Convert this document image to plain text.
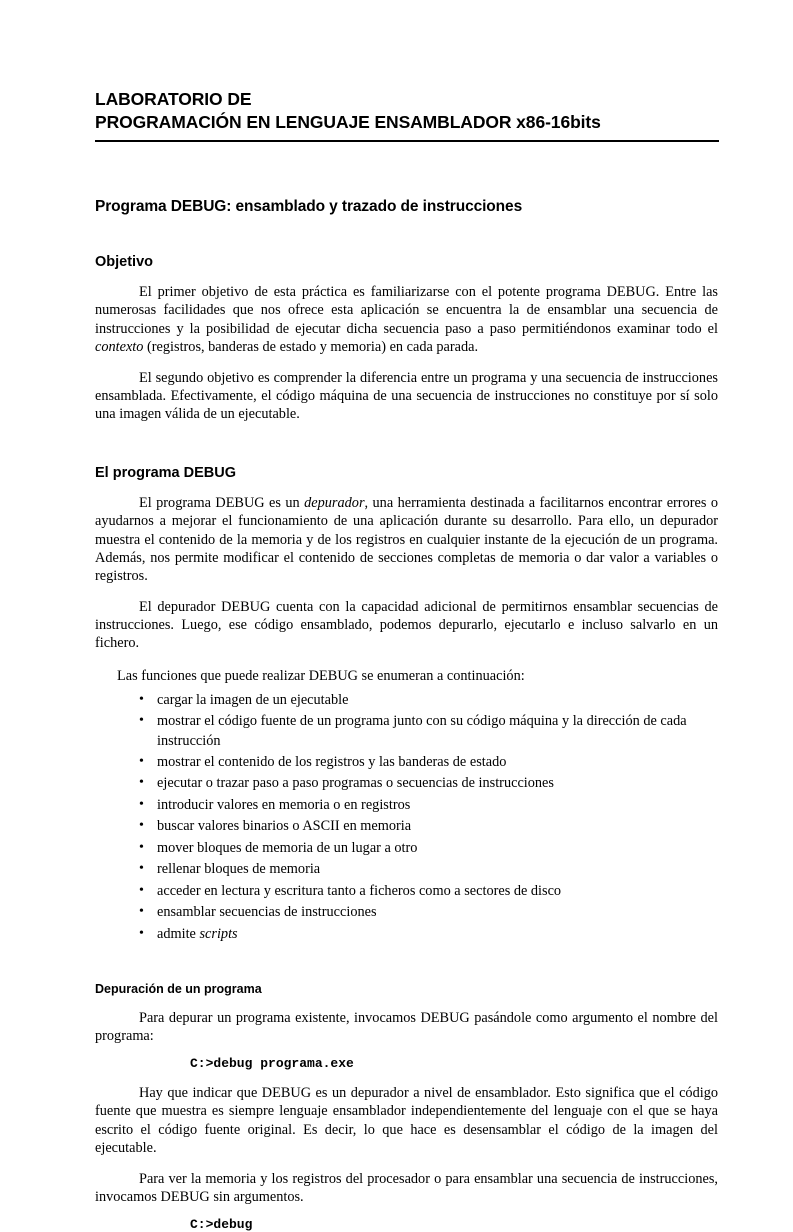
LABORATORIO DE
PROGRAMACIÓN EN LENGUAJE ENSAMBLADOR x86-16bits
Programa DEBUG: ensamblado y trazado de instrucciones
Objetivo

El primer objetivo de esta práctica es familiarizarse con el potente programa DEBUG. Entre las numerosas facilidades que nos ofrece esta aplicación se encuentra la de ensamblar una secuencia de instrucciones y la posibilidad de ejecutar dicha secuencia paso a paso permitiéndonos examinar todo el contexto (registros, banderas de estado y memoria) en cada parada.

El segundo objetivo es comprender la diferencia entre un programa y una secuencia de instrucciones ensamblada. Efectivamente, el código máquina de una secuencia de instrucciones no constituye por sí solo una imagen válida de un ejecutable.

El programa DEBUG

El programa DEBUG es un depurador, una herramienta destinada a facilitarnos encontrar errores o ayudarnos a mejorar el funcionamiento de una aplicación durante su desarrollo. Para ello, un depurador muestra el contenido de la memoria y de los registros en cualquier instante de la ejecución de un programa. Además, nos permite modificar el contenido de secciones completas de memoria o dar valor a variables o registros.

El depurador DEBUG cuenta con la capacidad adicional de permitirnos ensamblar secuencias de instrucciones. Luego, ese código ensamblado, podemos depurarlo, ejecutarlo e incluso salvarlo en un fichero.

Las funciones que puede realizar DEBUG se enumeran a continuación:

• cargar la imagen de un ejecutable
• mostrar el código fuente de un programa junto con su código máquina y la dirección de cada instrucción
• mostrar el contenido de los registros y las banderas de estado
• ejecutar o trazar paso a paso programas o secuencias de instrucciones
• introducir valores en memoria o en registros
• buscar valores binarios o ASCII en memoria
• mover bloques de memoria de un lugar a otro
• rellenar bloques de memoria
• acceder en lectura y escritura tanto a ficheros como a sectores de disco
• ensamblar secuencias de instrucciones
• admite scripts
Depuración de un programa

Para depurar un programa existente, invocamos DEBUG pasándole como argumento el nombre del programa:

C:>debug programa.exe

Hay que indicar que DEBUG es un depurador a nivel de ensamblador. Esto significa que el código fuente que muestra es siempre lenguaje ensamblador independientemente del lenguaje con el que se haya escrito el código fuente original. Es decir, lo que hace es desensamblar el código de la imagen del ejecutable.

Para ver la memoria y los registros del procesador o para ensamblar una secuencia de instrucciones, invocamos DEBUG sin argumentos.

C:>debug
